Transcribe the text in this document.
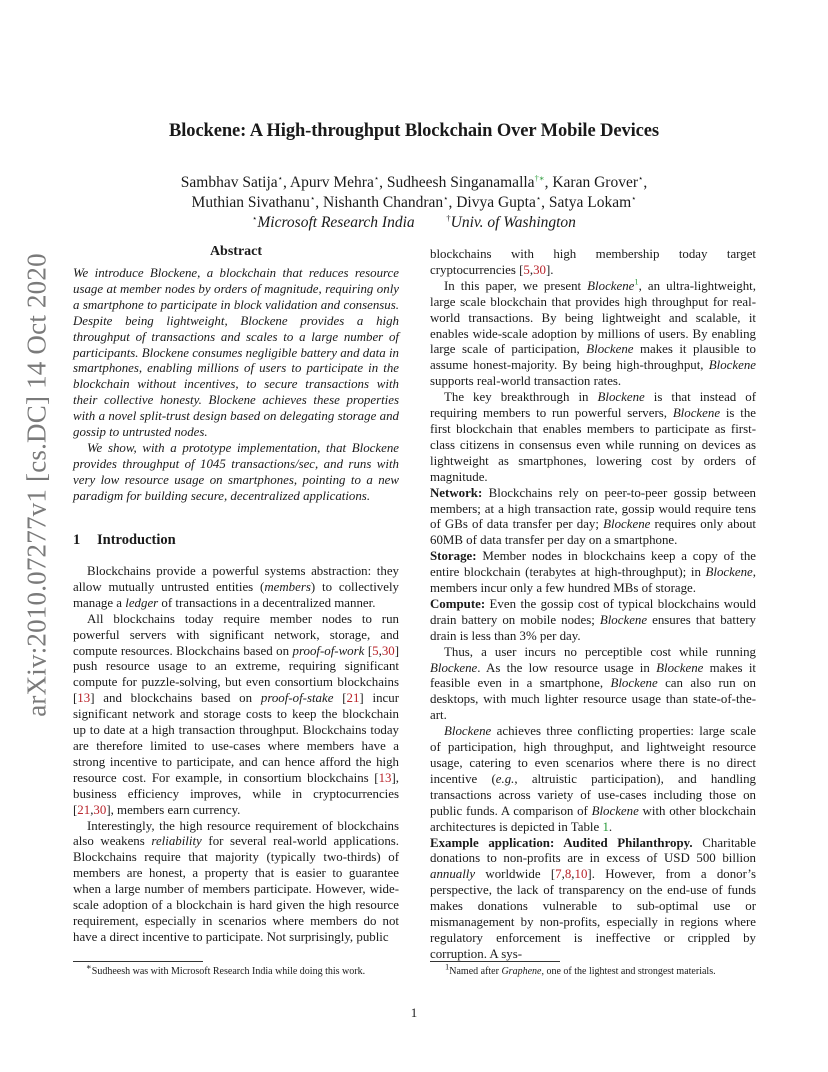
arXiv:2010.07277v1 [cs.DC] 14 Oct 2020
Blockene: A High-throughput Blockchain Over Mobile Devices
Sambhav Satija⋆, Apurv Mehra⋆, Sudheesh Singanamalla†∗, Karan Grover⋆,
Muthian Sivathanu⋆, Nishanth Chandran⋆, Divya Gupta⋆, Satya Lokam⋆
⋆Microsoft Research India	†Univ. of Washington
Abstract

We introduce Blockene, a blockchain that reduces resource usage at member nodes by orders of magnitude, requiring only a smartphone to participate in block validation and consensus. Despite being lightweight, Blockene provides a high throughput of transactions and scales to a large number of participants. Blockene consumes negligible battery and data in smartphones, enabling millions of users to participate in the blockchain without incentives, to secure transactions with their collective honesty. Blockene achieves these properties with a novel split-trust design based on delegating storage and gossip to untrusted nodes.

We show, with a prototype implementation, that Blockene provides throughput of 1045 transactions/sec, and runs with very low resource usage on smartphones, pointing to a new paradigm for building secure, decentralized applications.

1 Introduction

Blockchains provide a powerful systems abstraction: they allow mutually untrusted entities (members) to collectively manage a ledger of transactions in a decentralized manner.

All blockchains today require member nodes to run powerful servers with significant network, storage, and compute resources. Blockchains based on proof-of-work [5,30] push resource usage to an extreme, requiring significant compute for puzzle-solving, but even consortium blockchains [13] and blockchains based on proof-of-stake [21] incur significant network and storage costs to keep the blockchain up to date at a high transaction throughput. Blockchains today are therefore limited to use-cases where members have a strong incentive to participate, and can hence afford the high resource cost. For example, in consortium blockchains [13], business efficiency improves, while in cryptocurrencies [21,30], members earn currency.

Interestingly, the high resource requirement of blockchains also weakens reliability for several real-world applications. Blockchains require that majority (typically two-thirds) of members are honest, a property that is easier to guarantee when a large number of members participate. However, wide-scale adoption of a blockchain is hard given the high resource requirement, especially in scenarios where members do not have a direct incentive to participate. Not surprisingly, public

blockchains with high membership today target cryptocurrencies [5,30].

In this paper, we present Blockene$^1$, an ultra-lightweight, large scale blockchain that provides high throughput for real-world transactions. By being lightweight and scalable, it enables wide-scale adoption by millions of users. By enabling large scale of participation, Blockene makes it plausible to assume honest-majority. By being high-throughput, Blockene supports real-world transaction rates.

The key breakthrough in Blockene is that instead of requiring members to run powerful servers, Blockene is the first blockchain that enables members to participate as first-class citizens in consensus even while running on devices as lightweight as smartphones, lowering cost by orders of magnitude.

Network: Blockchains rely on peer-to-peer gossip between members; at a high transaction rate, gossip would require tens of GBs of data transfer per day; Blockene requires only about 60MB of data transfer per day on a smartphone.

Storage: Member nodes in blockchains keep a copy of the entire blockchain (terabytes at high-throughput); in Blockene, members incur only a few hundred MBs of storage.

Compute: Even the gossip cost of typical blockchains would drain battery on mobile nodes; Blockene ensures that battery drain is less than 3% per day.

Thus, a user incurs no perceptible cost while running Blockene. As the low resource usage in Blockene makes it feasible even in a smartphone, Blockene can also run on desktops, with much lighter resource usage than state-of-the-art.

Blockene achieves three conflicting properties: large scale of participation, high throughput, and lightweight resource usage, catering to even scenarios where there is no direct incentive (e.g., altruistic participation), and handling transactions across variety of use-cases including those on public funds. A comparison of Blockene with other blockchain architectures is depicted in Table 1.

Example application: Audited Philanthropy. Charitable donations to non-profits are in excess of USD 500 billion annually worldwide [7,8,10]. However, from a donor’s perspective, the lack of transparency on the end-use of funds makes donations vulnerable to sub-optimal use or mismanagement by non-profits, especially in regions where regulatory enforcement is ineffective or crippled by corruption. A sys-

∗Sudheesh was with Microsoft Research India while doing this work.	$^1$Named after Graphene, one of the lightest and strongest materials.
1
